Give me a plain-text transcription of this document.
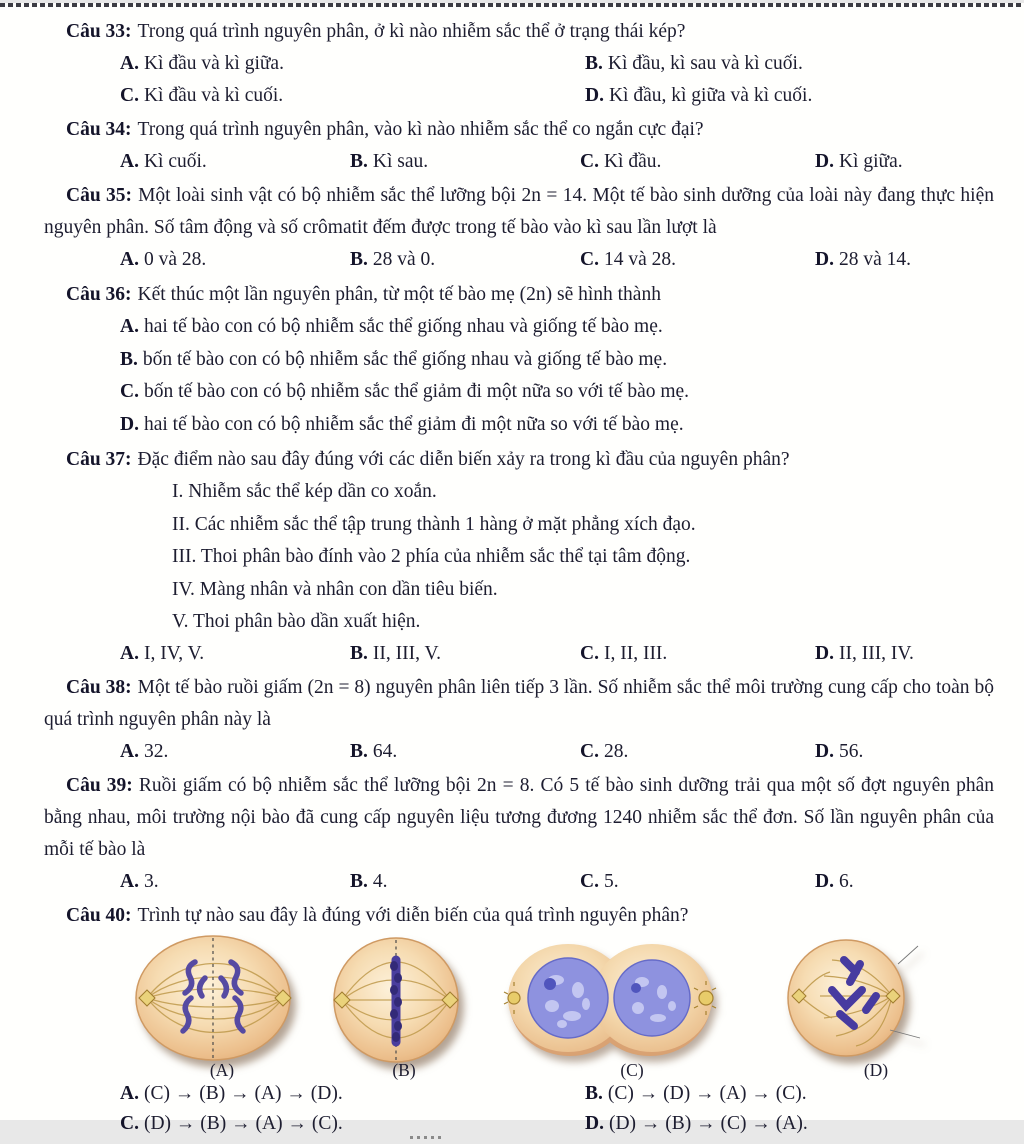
Câu 33: Trong quá trình nguyên phân, ở kì nào nhiễm sắc thể ở trạng thái kép?

A. Kì đầu và kì giữa.	B. Kì đầu, kì sau và kì cuối.
C. Kì đầu và kì cuối.	D. Kì đầu, kì giữa và kì cuối.

Câu 34: Trong quá trình nguyên phân, vào kì nào nhiễm sắc thể co ngắn cực đại?

A. Kì cuối.	B. Kì sau.	C. Kì đầu.	D. Kì giữa.

Câu 35: Một loài sinh vật có bộ nhiễm sắc thể lưỡng bội 2n = 14. Một tế bào sinh dưỡng của loài này đang thực hiện nguyên phân. Số tâm động và số crômatit đếm được trong tế bào vào kì sau lần lượt là

A. 0 và 28.	B. 28 và 0.	C. 14 và 28.	D. 28 và 14.

Câu 36: Kết thúc một lần nguyên phân, từ một tế bào mẹ (2n) sẽ hình thành

A. hai tế bào con có bộ nhiễm sắc thể giống nhau và giống tế bào mẹ.
B. bốn tế bào con có bộ nhiễm sắc thể giống nhau và giống tế bào mẹ.
C. bốn tế bào con có bộ nhiễm sắc thể giảm đi một nữa so với tế bào mẹ.
D. hai tế bào con có bộ nhiễm sắc thể giảm đi một nữa so với tế bào mẹ.

Câu 37: Đặc điểm nào sau đây đúng với các diễn biến xảy ra trong kì đầu của nguyên phân?

I. Nhiễm sắc thể kép dần co xoắn.
II. Các nhiễm sắc thể tập trung thành 1 hàng ở mặt phẳng xích đạo.
III. Thoi phân bào đính vào 2 phía của nhiễm sắc thể tại tâm động.
IV. Màng nhân và nhân con dần tiêu biến.
V. Thoi phân bào dần xuất hiện.
A. I, IV, V.	B. II, III, V.	C. I, II, III.	D. II, III, IV.

Câu 38: Một tế bào ruồi giấm (2n = 8) nguyên phân liên tiếp 3 lần. Số nhiễm sắc thể môi trường cung cấp cho toàn bộ quá trình nguyên phân này là

A. 32.	B. 64.	C. 28.	D. 56.

Câu 39: Ruồi giấm có bộ nhiễm sắc thể lưỡng bội 2n = 8. Có 5 tế bào sinh dưỡng trải qua một số đợt nguyên phân bằng nhau, môi trường nội bào đã cung cấp nguyên liệu tương đương 1240 nhiễm sắc thể đơn. Số lần nguyên phân của mỗi tế bào là

A. 3.	B. 4.	C. 5.	D. 6.

Câu 40: Trình tự nào sau đây là đúng với diễn biến của quá trình nguyên phân?

(A)	(B)	(C)	(D)
A. (C) → (B) → (A) → (D).	B. (C) → (D) → (A) → (C).
C. (D) → (B) → (A) → (C).	D. (D) → (B) → (C) → (A).
